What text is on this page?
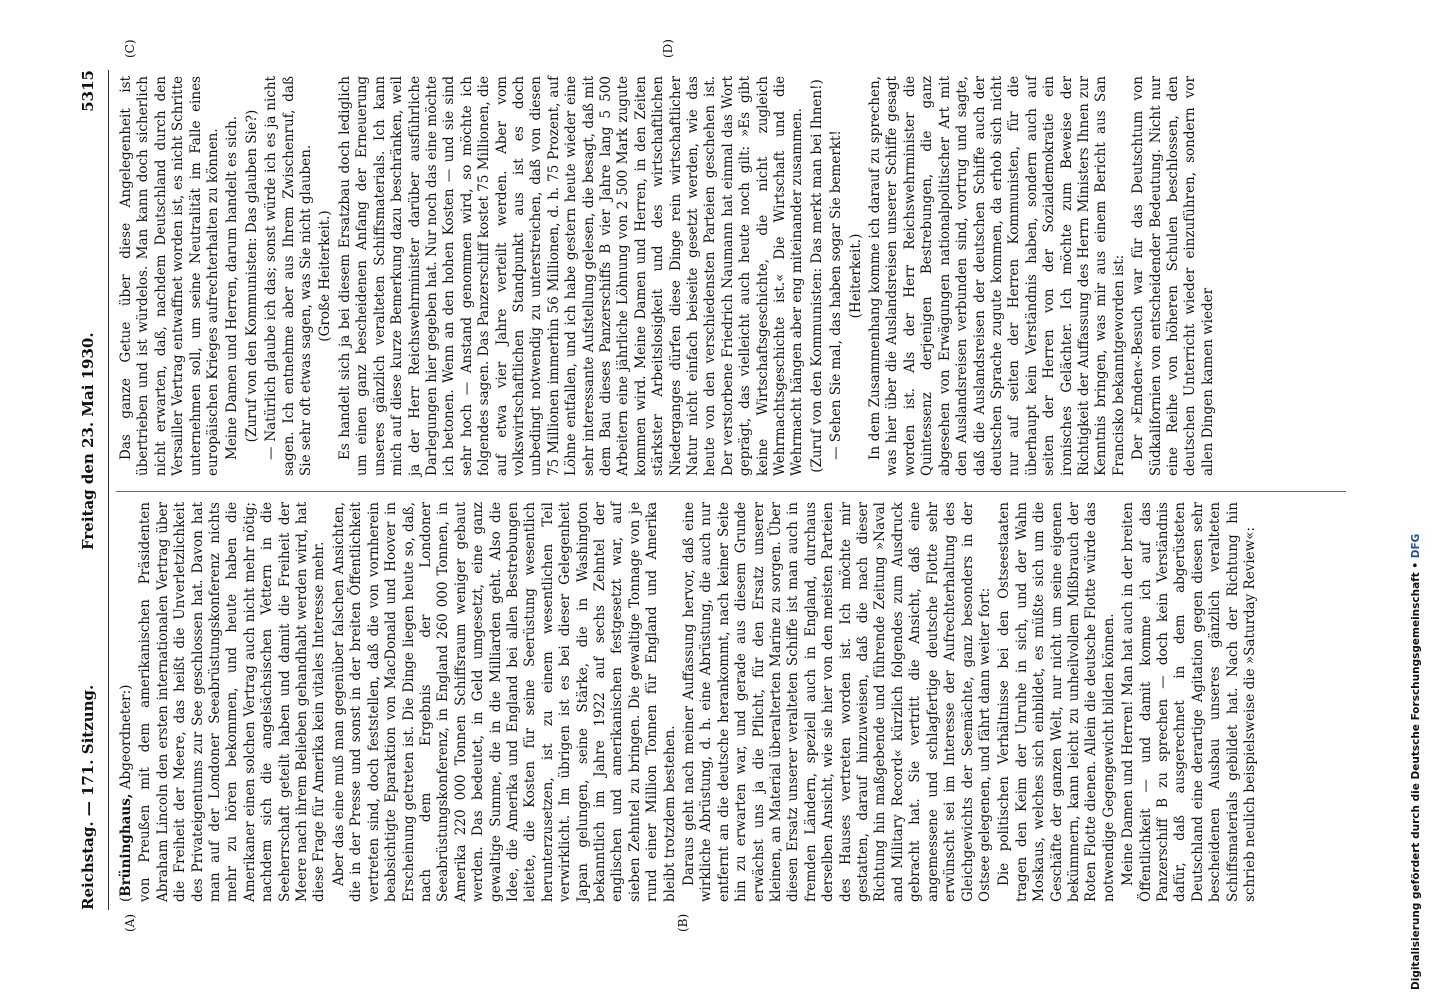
Reichstag. — 171. Sitzung.
Freitag den 23. Mai 1930.
5315
(A)	(B)
(C)	(D)

(Brüninghaus, Abgeordneter:) von Preußen mit dem amerikanischen Präsidenten Abraham Lincoln den ersten internationalen Vertrag über die Freiheit der Meere, das heißt die Unverletzlichkeit des Privateigentums zur See geschlossen hat. Davon hat man auf der Londoner Seeabrüstungskonferenz nichts mehr zu hören bekommen, und heute haben die Amerikaner einen solchen Vertrag auch nicht mehr nötig; nachdem sich die angelsächsischen Vettern in die Seeherrschaft geteilt haben und damit die Freiheit der Meere nach ihrem Belieben gehandhabt werden wird, hat diese Frage für Amerika kein vitales Interesse mehr. Aber das eine muß man gegenüber falschen Ansichten, die in der Presse und sonst in der breiten Öffentlichkeit vertreten sind, doch feststellen, daß die von vornherein beabsichtigte Eparaktion von MacDonald und Hoover in Erscheinung getreten ist. Die Dinge liegen heute so, daß, nach dem Ergebnis der Londoner Seeabrüstungskonferenz, in England 260 000 Tonnen, in Amerika 220 000 Tonnen Schiffsraum weniger gebaut werden. Das bedeutet, in Geld umgesetzt, eine ganz gewaltige Summe, die in die Milliarden geht. Also die Idee, die Amerika und England bei allen Bestrebungen leitete, die Kosten für seine Seerüstung wesentlich herunterzusetzen, ist zu einem wesentlichen Teil verwirklicht. Im übrigen ist es bei dieser Gelegenheit Japan gelungen, seine Stärke, die in Washington bekanntlich im Jahre 1922 auf sechs Zehntel der englischen und amerikanischen festgesetzt war, auf sieben Zehntel zu bringen. Die gewaltige Tonnage von je rund einer Million Tonnen für England und Amerika bleibt trotzdem bestehen. Daraus geht nach meiner Auffassung hervor, daß eine wirkliche Abrüstung, d. h. eine Abrüstung, die auch nur entfernt an die deutsche herankommt, nach keiner Seite hin zu erwarten war, und gerade aus diesem Grunde erwächst uns ja die Pflicht, für den Ersatz unserer kleinen, an Material überalterten Marine zu sorgen. Über diesen Ersatz unserer veralteten Schiffe ist man auch in fremden Ländern, speziell auch in England, durchaus derselben Ansicht, wie sie hier von den meisten Parteien des Hauses vertreten worden ist. Ich möchte mir gestatten, darauf hinzuweisen, daß die nach dieser Richtung hin maßgebende und führende Zeitung »Naval and Military Record« kürzlich folgendes zum Ausdruck gebracht hat. Sie vertritt die Ansicht, daß eine angemessene und schlagfertige deutsche Flotte sehr erwünscht sei im Interesse der Aufrechterhaltung des Gleichgewichts der Seemächte, ganz besonders in der Ostsee gelegenen, und fährt dann weiter fort: Die politischen Verhältnisse bei den Ostseestaaten tragen den Keim der Unruhe in sich, und der Wahn Moskaus, welches sich einbildet, es müßte sich um die Geschäfte der ganzen Welt, nur nicht um seine eigenen bekümmern, kann leicht zu unheilvollem Mißbrauch der Roten Flotte dienen. Allein die deutsche Flotte würde das notwendige Gegengewicht bilden können. Meine Damen und Herren! Man hat auch in der breiten Öffentlichkeit — und damit komme ich auf das Panzerschiff B zu sprechen — doch kein Verständnis dafür, daß ausgerechnet in dem abgerüsteten Deutschland eine derartige Agitation gegen diesen sehr bescheidenen Ausbau unseres gänzlich veralteten Schiffsmaterials gebildet hat. Nach der Richtung hin schrieb neulich beispielsweise die »Saturday Review«:

Das ganze Getue über diese Angelegenheit ist übertrieben und ist würdelos. Man kann doch sicherlich nicht erwarten, daß, nachdem Deutschland durch den Versailler Vertrag entwaffnet worden ist, es nicht Schritte unternehmen soll, um seine Neutralität im Falle eines europäischen Krieges aufrechterhalten zu können. Meine Damen und Herren, darum handelt es sich. (Zuruf von den Kommunisten: Das glauben Sie?) — Natürlich glaube ich das; sonst würde ich es ja nicht sagen. Ich entnehme aber aus Ihrem Zwischenruf, daß Sie sehr oft etwas sagen, was Sie nicht glauben. (Große Heiterkeit.) Es handelt sich ja bei diesem Ersatzbau doch lediglich um einen ganz bescheidenen Anfang der Erneuerung unseres gänzlich veralteten Schiffsmaterials. Ich kann mich auf diese kurze Bemerkung dazu beschränken, weil ja der Herr Reichswehrminister darüber ausführliche Darlegungen hier gegeben hat. Nur noch das eine möchte ich betonen. Wenn an den hohen Kosten — und sie sind sehr hoch — Anstand genommen wird, so möchte ich folgendes sagen. Das Panzerschiff kostet 75 Millionen, die auf etwa vier Jahre verteilt werden. Aber vom volkswirtschaftlichen Standpunkt aus ist es doch unbedingt notwendig zu unterstreichen, daß von diesen 75 Millionen immerhin 56 Millionen, d. h. 75 Prozent, auf Löhne entfallen, und ich habe gestern heute wieder eine sehr interessante Aufstellung gelesen, die besagt, daß mit dem Bau dieses Panzerschiffs B vier Jahre lang 5 500 Arbeitern eine jährliche Löhnung von 2 500 Mark zugute kommen wird. Meine Damen und Herren, in den Zeiten stärkster Arbeitslosigkeit und des wirtschaftlichen Niederganges dürfen diese Dinge rein wirtschaftlicher Natur nicht einfach beiseite gesetzt werden, wie das heute von den verschiedensten Parteien geschehen ist. Der verstorbene Friedrich Naumann hat einmal das Wort geprägt, das vielleicht auch heute noch gilt: »Es gibt keine Wirtschaftsgeschichte, die nicht zugleich Wehrmachtsgeschichte ist.« Die Wirtschaft und die Wehrmacht hängen aber eng miteinander zusammen. (Zuruf von den Kommunisten: Das merkt man bei Ihnen!) — Sehen Sie mal, das haben sogar Sie bemerkt! (Heiterkeit.) In dem Zusammenhang komme ich darauf zu sprechen, was hier über die Auslandsreisen unserer Schiffe gesagt worden ist. Als der Herr Reichswehrminister die Quintessenz derjenigen Bestrebungen, die ganz abgesehen von Erwägungen nationalpolitischer Art mit den Auslandsreisen verbunden sind, vortrug und sagte, daß die Auslandsreisen der deutschen Schiffe auch der deutschen Sprache zugute kommen, da erhob sich nicht nur auf seiten der Herren Kommunisten, für die überhaupt kein Verständnis haben, sondern auch auf seiten der Herren von der Sozialdemokratie ein ironisches Gelächter. Ich möchte zum Beweise der Richtigkeit der Auffassung des Herrn Ministers Ihnen zur Kenntnis bringen, was mir aus einem Bericht aus San Francisko bekanntgeworden ist: Der »Emden«-Besuch war für das Deutschtum von Südkalifornien von entscheidender Bedeutung. Nicht nur eine Reihe von höheren Schulen beschlossen, den deutschen Unterricht wieder einzuführen, sondern vor allen Dingen kamen wieder

Digitalisierung gefördert durch die Deutsche Forschungsgemeinschaft • DFG
